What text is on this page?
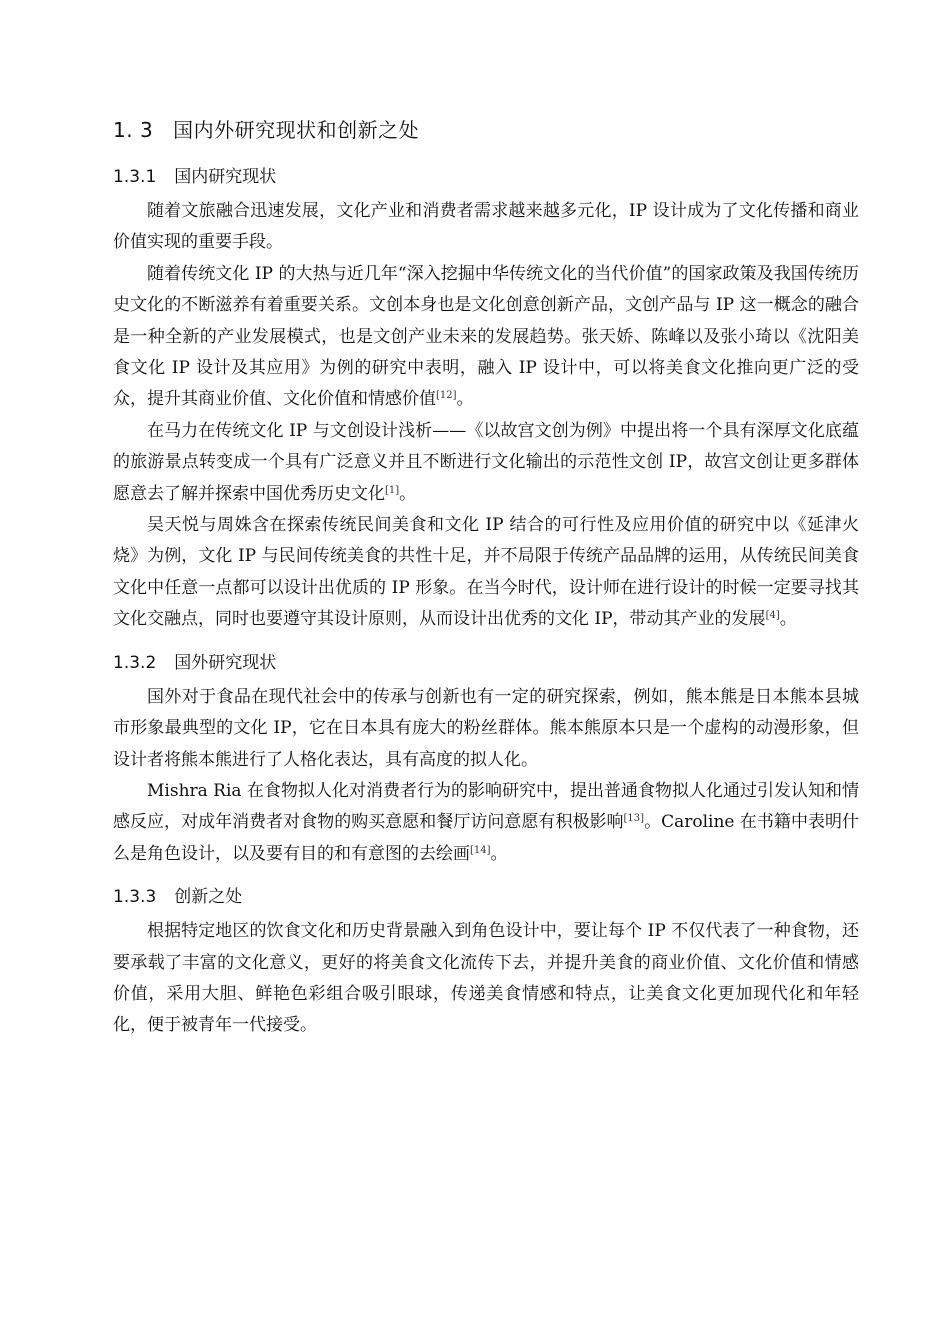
1. 3 国内外研究现状和创新之处
1.3.1 国内研究现状

随着文旅融合迅速发展，文化产业和消费者需求越来越多元化，IP 设计成为了文化传播和商业价值实现的重要手段。

随着传统文化 IP 的大热与近几年“深入挖掘中华传统文化的当代价值”的国家政策及我国传统历史文化的不断滋养有着重要关系。文创本身也是文化创意创新产品，文创产品与 IP 这一概念的融合是一种全新的产业发展模式，也是文创产业未来的发展趋势。张天娇、陈峰以及张小琦以《沈阳美食文化 IP 设计及其应用》为例的研究中表明，融入 IP 设计中，可以将美食文化推向更广泛的受众，提升其商业价值、文化价值和情感价值[12]。

在马力在传统文化 IP 与文创设计浅析——《以故宫文创为例》中提出将一个具有深厚文化底蕴的旅游景点转变成一个具有广泛意义并且不断进行文化输出的示范性文创 IP，故宫文创让更多群体愿意去了解并探索中国优秀历史文化[1]。

吴天悦与周姝含在探索传统民间美食和文化 IP 结合的可行性及应用价值的研究中以《延津火烧》为例，文化 IP 与民间传统美食的共性十足，并不局限于传统产品品牌的运用，从传统民间美食文化中任意一点都可以设计出优质的 IP 形象。在当今时代，设计师在进行设计的时候一定要寻找其文化交融点，同时也要遵守其设计原则，从而设计出优秀的文化 IP，带动其产业的发展[4]。

1.3.2 国外研究现状

国外对于食品在现代社会中的传承与创新也有一定的研究探索，例如，熊本熊是日本熊本县城市形象最典型的文化 IP，它在日本具有庞大的粉丝群体。熊本熊原本只是一个虚构的动漫形象，但设计者将熊本熊进行了人格化表达，具有高度的拟人化。

Mishra Ria 在食物拟人化对消费者行为的影响研究中，提出普通食物拟人化通过引发认知和情感反应，对成年消费者对食物的购买意愿和餐厅访问意愿有积极影响[13]。Caroline 在书籍中表明什么是角色设计，以及要有目的和有意图的去绘画[14]。

1.3.3 创新之处

根据特定地区的饮食文化和历史背景融入到角色设计中，要让每个 IP 不仅代表了一种食物，还要承载了丰富的文化意义，更好的将美食文化流传下去，并提升美食的商业价值、文化价值和情感价值，采用大胆、鲜艳色彩组合吸引眼球，传递美食情感和特点，让美食文化更加现代化和年轻化，便于被青年一代接受。
